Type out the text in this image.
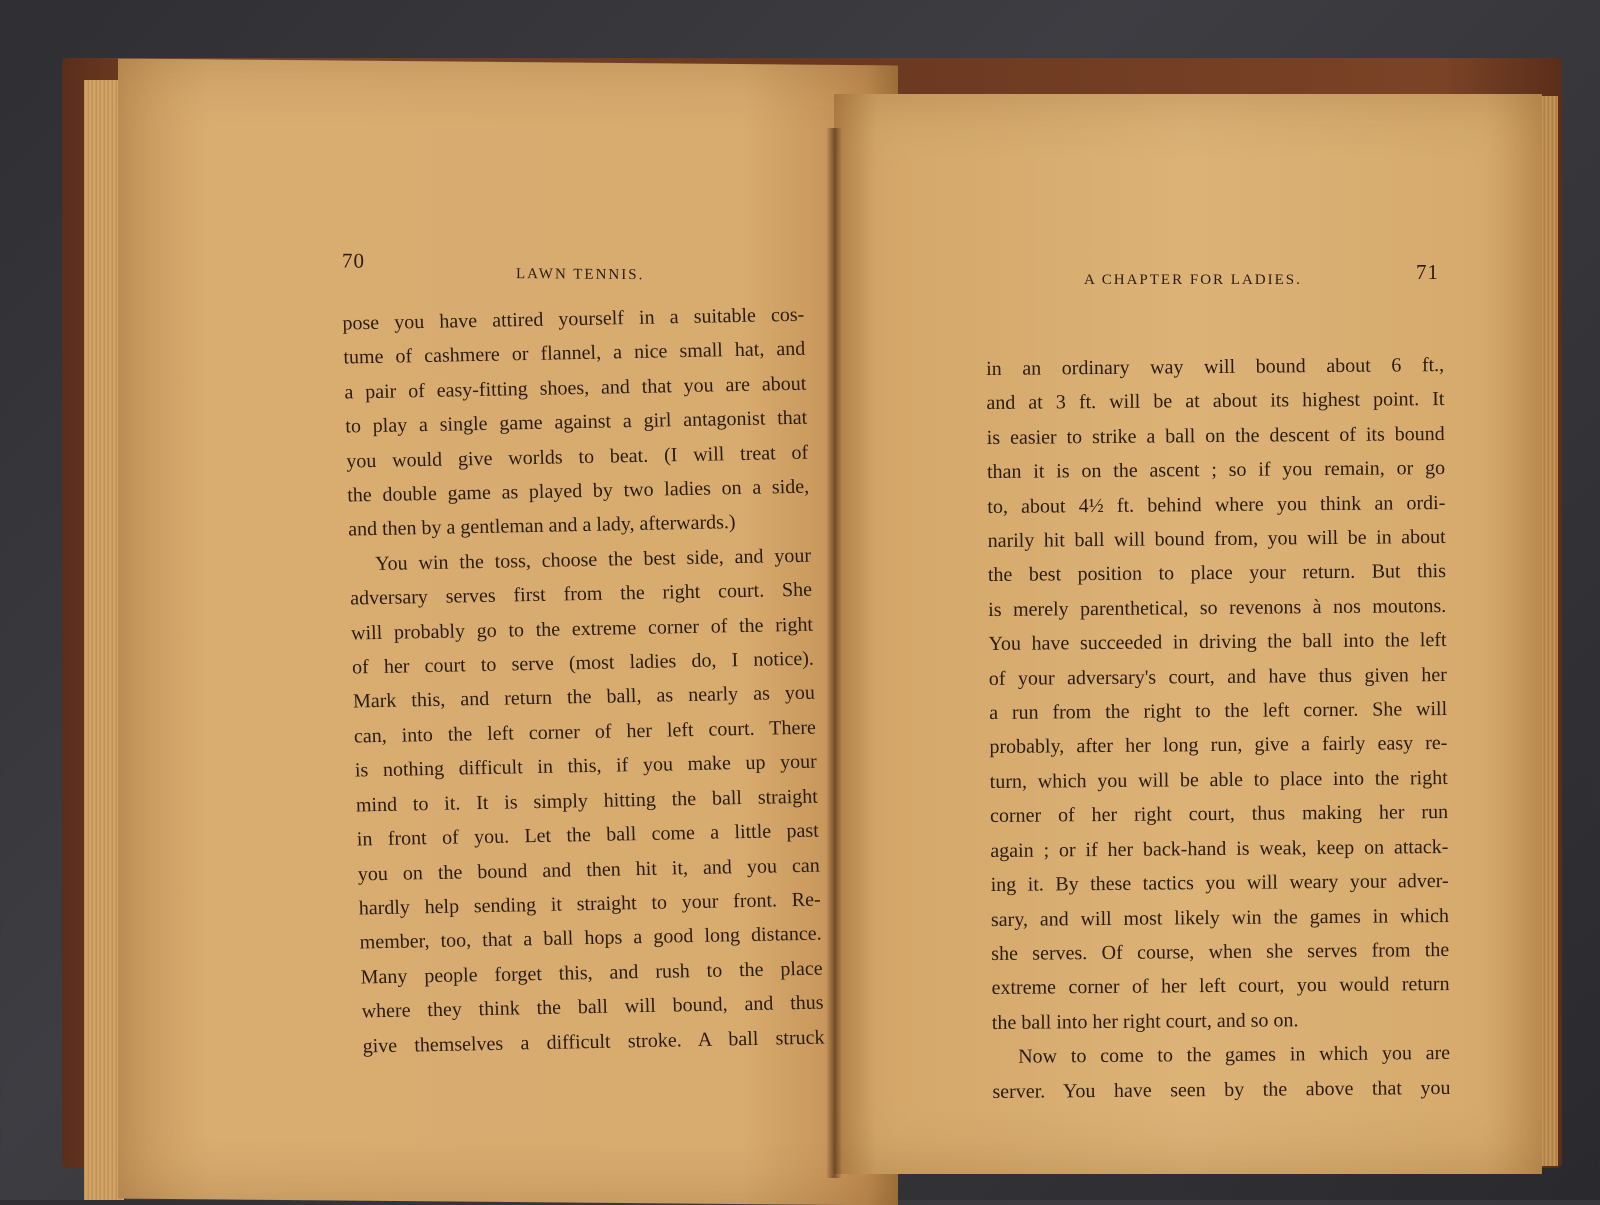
70
LAWN TENNIS.
pose you have attired yourself in a suitable cos-
tume of cashmere or flannel, a nice small hat, and
a pair of easy-fitting shoes, and that you are about
to play a single game against a girl antagonist that
you would give worlds to beat. (I will treat of
the double game as played by two ladies on a side,
and then by a gentleman and a lady, afterwards.)
You win the toss, choose the best side, and your
adversary serves first from the right court. She
will probably go to the extreme corner of the right
of her court to serve (most ladies do, I notice).
Mark this, and return the ball, as nearly as you
can, into the left corner of her left court. There
is nothing difficult in this, if you make up your
mind to it. It is simply hitting the ball straight
in front of you. Let the ball come a little past
you on the bound and then hit it, and you can
hardly help sending it straight to your front. Re-
member, too, that a ball hops a good long distance.
Many people forget this, and rush to the place
where they think the ball will bound, and thus
give themselves a difficult stroke. A ball struck
A CHAPTER FOR LADIES.	71
in an ordinary way will bound about 6 ft.,
and at 3 ft. will be at about its highest point. It
is easier to strike a ball on the descent of its bound
than it is on the ascent ; so if you remain, or go
to, about 4½ ft. behind where you think an ordi-
narily hit ball will bound from, you will be in about
the best position to place your return. But this
is merely parenthetical, so revenons à nos moutons.
You have succeeded in driving the ball into the left
of your adversary's court, and have thus given her
a run from the right to the left corner. She will
probably, after her long run, give a fairly easy re-
turn, which you will be able to place into the right
corner of her right court, thus making her run
again ; or if her back-hand is weak, keep on attack-
ing it. By these tactics you will weary your adver-
sary, and will most likely win the games in which
she serves. Of course, when she serves from the
extreme corner of her left court, you would return
the ball into her right court, and so on.
Now to come to the games in which you are
server. You have seen by the above that you
